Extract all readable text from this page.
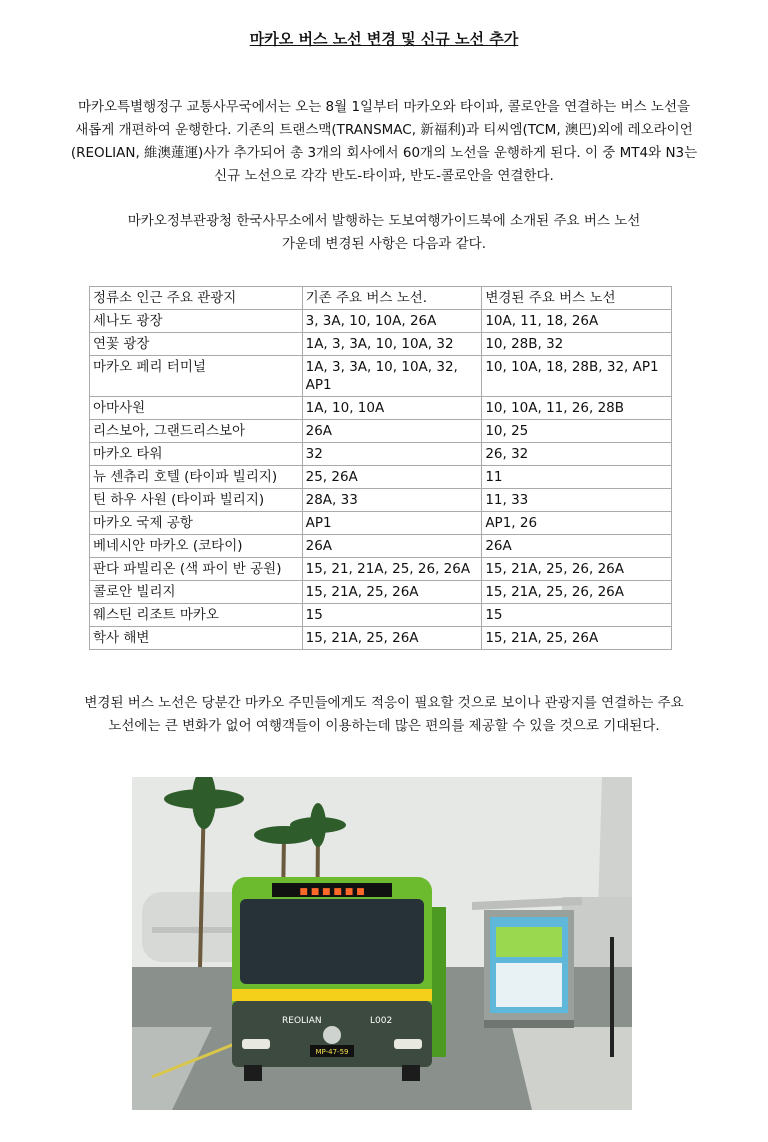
마카오 버스 노선 변경 및 신규 노선 추가
마카오특별행정구 교통사무국에서는 오는 8월 1일부터 마카오와 타이파, 콜로안을 연결하는 버스 노선을
새롭게 개편하여 운행한다. 기존의 트랜스맥(TRANSMAC, 新福利)과 티씨엠(TCM, 澳巴)외에 레오라이언
(REOLIAN, 維澳蓮運)사가 추가되어 총 3개의 회사에서 60개의 노선을 운행하게 된다. 이 중 MT4와 N3는
신규 노선으로 각각 반도-타이파, 반도-콜로안을 연결한다.
마카오정부관광청 한국사무소에서 발행하는 도보여행가이드북에 소개된 주요 버스 노선
가운데 변경된 사항은 다음과 같다.
정류소 인근 주요 관광지	기존 주요 버스 노선.	변경된 주요 버스 노선
세나도 광장	3, 3A, 10, 10A, 26A	10A, 11, 18, 26A
연꽃 광장	1A, 3, 3A, 10, 10A, 32	10, 28B, 32
마카오 페리 터미널	1A, 3, 3A, 10, 10A, 32, AP1	10, 10A, 18, 28B, 32, AP1
아마사원	1A, 10, 10A	10, 10A, 11, 26, 28B
리스보아, 그랜드리스보아	26A	10, 25
마카오 타워	32	26, 32
뉴 센츄리 호텔 (타이파 빌리지)	25, 26A	11
틴 하우 사원 (타이파 빌리지)	28A, 33	11, 33
마카오 국제 공항	AP1	AP1, 26
베네시안 마카오 (코타이)	26A	26A
판다 파빌리온 (색 파이 반 공원)	15, 21, 21A, 25, 26, 26A	15, 21A, 25, 26, 26A
콜로안 빌리지	15, 21A, 25, 26A	15, 21A, 25, 26, 26A
웨스틴 리조트 마카오	15	15
학사 해변	15, 21A, 25, 26A	15, 21A, 25, 26A
변경된 버스 노선은 당분간 마카오 주민들에게도 적응이 필요할 것으로 보이나 관광지를 연결하는 주요
노선에는 큰 변화가 없어 여행객들이 이용하는데 많은 편의를 제공할 수 있을 것으로 기대된다.
■ ■ ■ ■ ■ ■
REOLIAN	L002
MP-47-59
